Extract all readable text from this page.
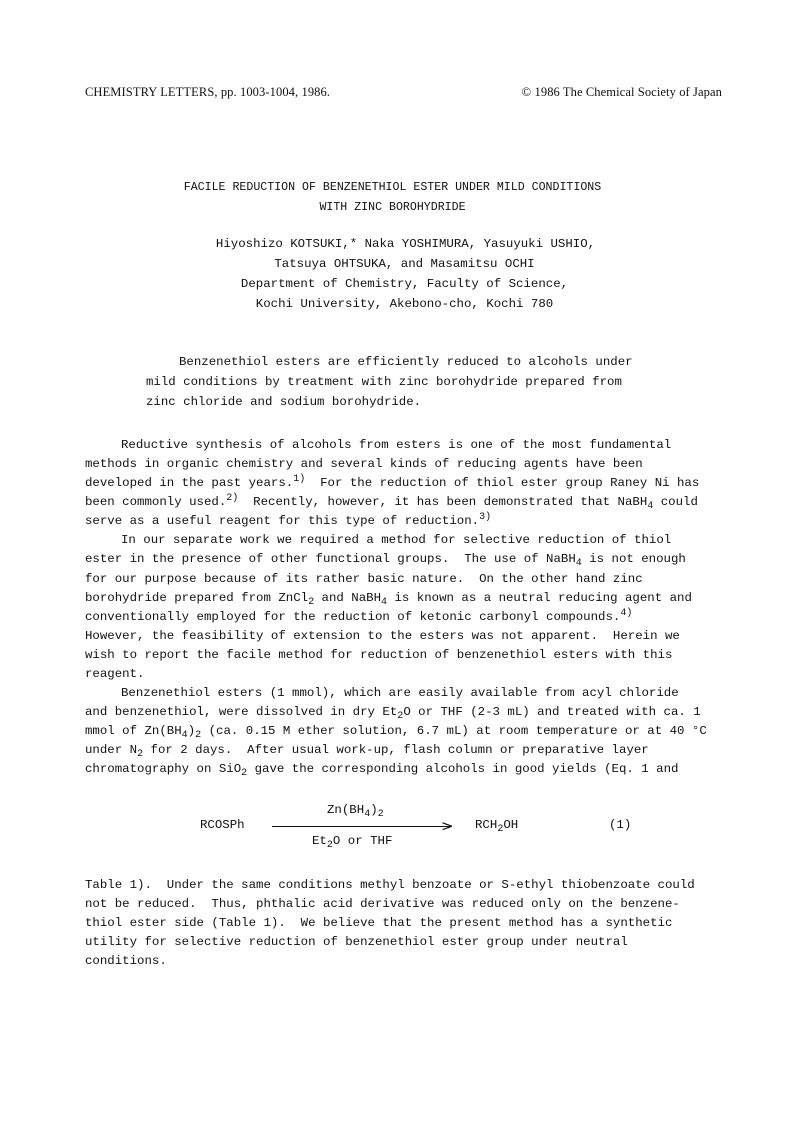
CHEMISTRY LETTERS, pp. 1003-1004, 1986.	© 1986 The Chemical Society of Japan
FACILE REDUCTION OF BENZENETHIOL ESTER UNDER MILD CONDITIONS
WITH ZINC BOROHYDRIDE
Hiyoshizo KOTSUKI,* Naka YOSHIMURA, Yasuyuki USHIO,
Tatsuya OHTSUKA, and Masamitsu OCHI
Department of Chemistry, Faculty of Science,
Kochi University, Akebono-cho, Kochi 780
Benzenethiol esters are efficiently reduced to alcohols under
mild conditions by treatment with zinc borohydride prepared from
zinc chloride and sodium borohydride.
Reductive synthesis of alcohols from esters is one of the most fundamental
methods in organic chemistry and several kinds of reducing agents have been
developed in the past years.$^{1)}$  For the reduction of thiol ester group Raney Ni has
been commonly used.$^{2)}$  Recently, however, it has been demonstrated that NaBH$_4$ could
serve as a useful reagent for this type of reduction.$^{3)}$
In our separate work we required a method for selective reduction of thiol
ester in the presence of other functional groups.  The use of NaBH$_4$ is not enough
for our purpose because of its rather basic nature.  On the other hand zinc
borohydride prepared from ZnCl$_2$ and NaBH$_4$ is known as a neutral reducing agent and
conventionally employed for the reduction of ketonic carbonyl compounds.$^{4)}$
However, the feasibility of extension to the esters was not apparent.  Herein we
wish to report the facile method for reduction of benzenethiol esters with this
reagent.
Benzenethiol esters (1 mmol), which are easily available from acyl chloride
and benzenethiol, were dissolved in dry $Et_2O$ or THF (2-3 mL) and treated with ca. 1
mmol of $Zn(BH_4)_2$ (ca. 0.15 M ether solution, 6.7 mL) at room temperature or at 40 °C
under $N_2$ for 2 days.  After usual work-up, flash column or preparative layer
chromatography on SiO$_2$ gave the corresponding alcohols in good yields (Eq. 1 and
RCOSPh
$Zn(BH_4)_2$
>
$Et_2O$ or THF
$RCH_2OH$	(1)
Table 1).  Under the same conditions methyl benzoate or S-ethyl thiobenzoate could
not be reduced.  Thus, phthalic acid derivative was reduced only on the benzene-
thiol ester side (Table 1).  We believe that the present method has a synthetic
utility for selective reduction of benzenethiol ester group under neutral
conditions.
